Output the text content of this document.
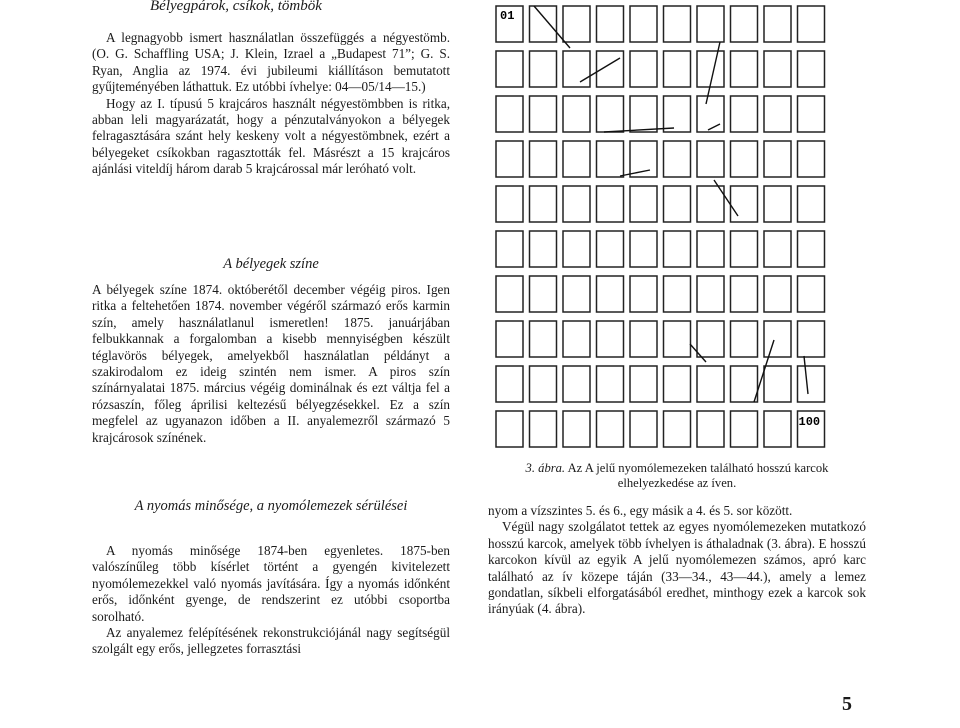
Bélyegpárok, csíkok, tömbök

A legnagyobb ismert használatlan összefüggés a négyestömb. (O. G. Schaffling USA; J. Klein, Izrael a „Budapest 71”; G. S. Ryan, Anglia az 1974. évi jubileumi kiállításon bemutatott gyűjteményében láthattuk. Ez utóbbi ívhelye: 04—05/14—15.)

Hogy az I. típusú 5 krajcáros használt négyestömbben is ritka, abban leli magyarázatát, hogy a pénzutalványokon a bélyegek felragasztására szánt hely keskeny volt a négyestömbnek, ezért a bélyegeket csíkokban ragasztották fel. Másrészt a 15 krajcáros ajánlási viteldíj három darab 5 krajcárossal már leróható volt.

A bélyegek színe

A bélyegek színe 1874. októberétől december végéig piros. Igen ritka a feltehetően 1874. november végéről származó erős karmin szín, amely használatlanul ismeretlen! 1875. januárjában felbukkannak a forgalomban a kisebb mennyiségben készült téglavörös bélyegek, amelyekből használatlan példányt a szakirodalom ez ideig szintén nem ismer. A piros szín színárnyalatai 1875. március végéig dominálnak és ezt váltja fel a rózsaszín, főleg áprilisi keltezésű bélyegzésekkel. Ez a szín megfelel az ugyanazon időben a II. anyalemezről származó 5 krajcárosok színének.

A nyomás minősége, a nyomólemezek sérülései

A nyomás minősége 1874-ben egyenletes. 1875-ben valószínűleg több kísérlet történt a gyengén kivitelezett nyomólemezekkel való nyomás javítására. Így a nyomás időnként erős, időnként gyenge, de rendszerint ez utóbbi csoportba sorolható.

Az anyalemez felépítésének rekonstrukciójánál nagy segítségül szolgált egy erős, jellegzetes forrasztási

01
100
3. ábra. Az A jelű nyomólemezeken található hosszú karcok elhelyezkedése az íven.

nyom a vízszintes 5. és 6., egy másik a 4. és 5. sor között.

Végül nagy szolgálatot tettek az egyes nyomólemezeken mutatkozó hosszú karcok, amelyek több ívhelyen is áthaladnak (3. ábra). E hosszú karcokon kívül az egyik A jelű nyomólemezen számos, apró karc található az ív közepe táján (33—34., 43—44.), amely a lemez gondatlan, síkbeli elforgatásából eredhet, minthogy ezek a karcok sok irányúak (4. ábra).

5
